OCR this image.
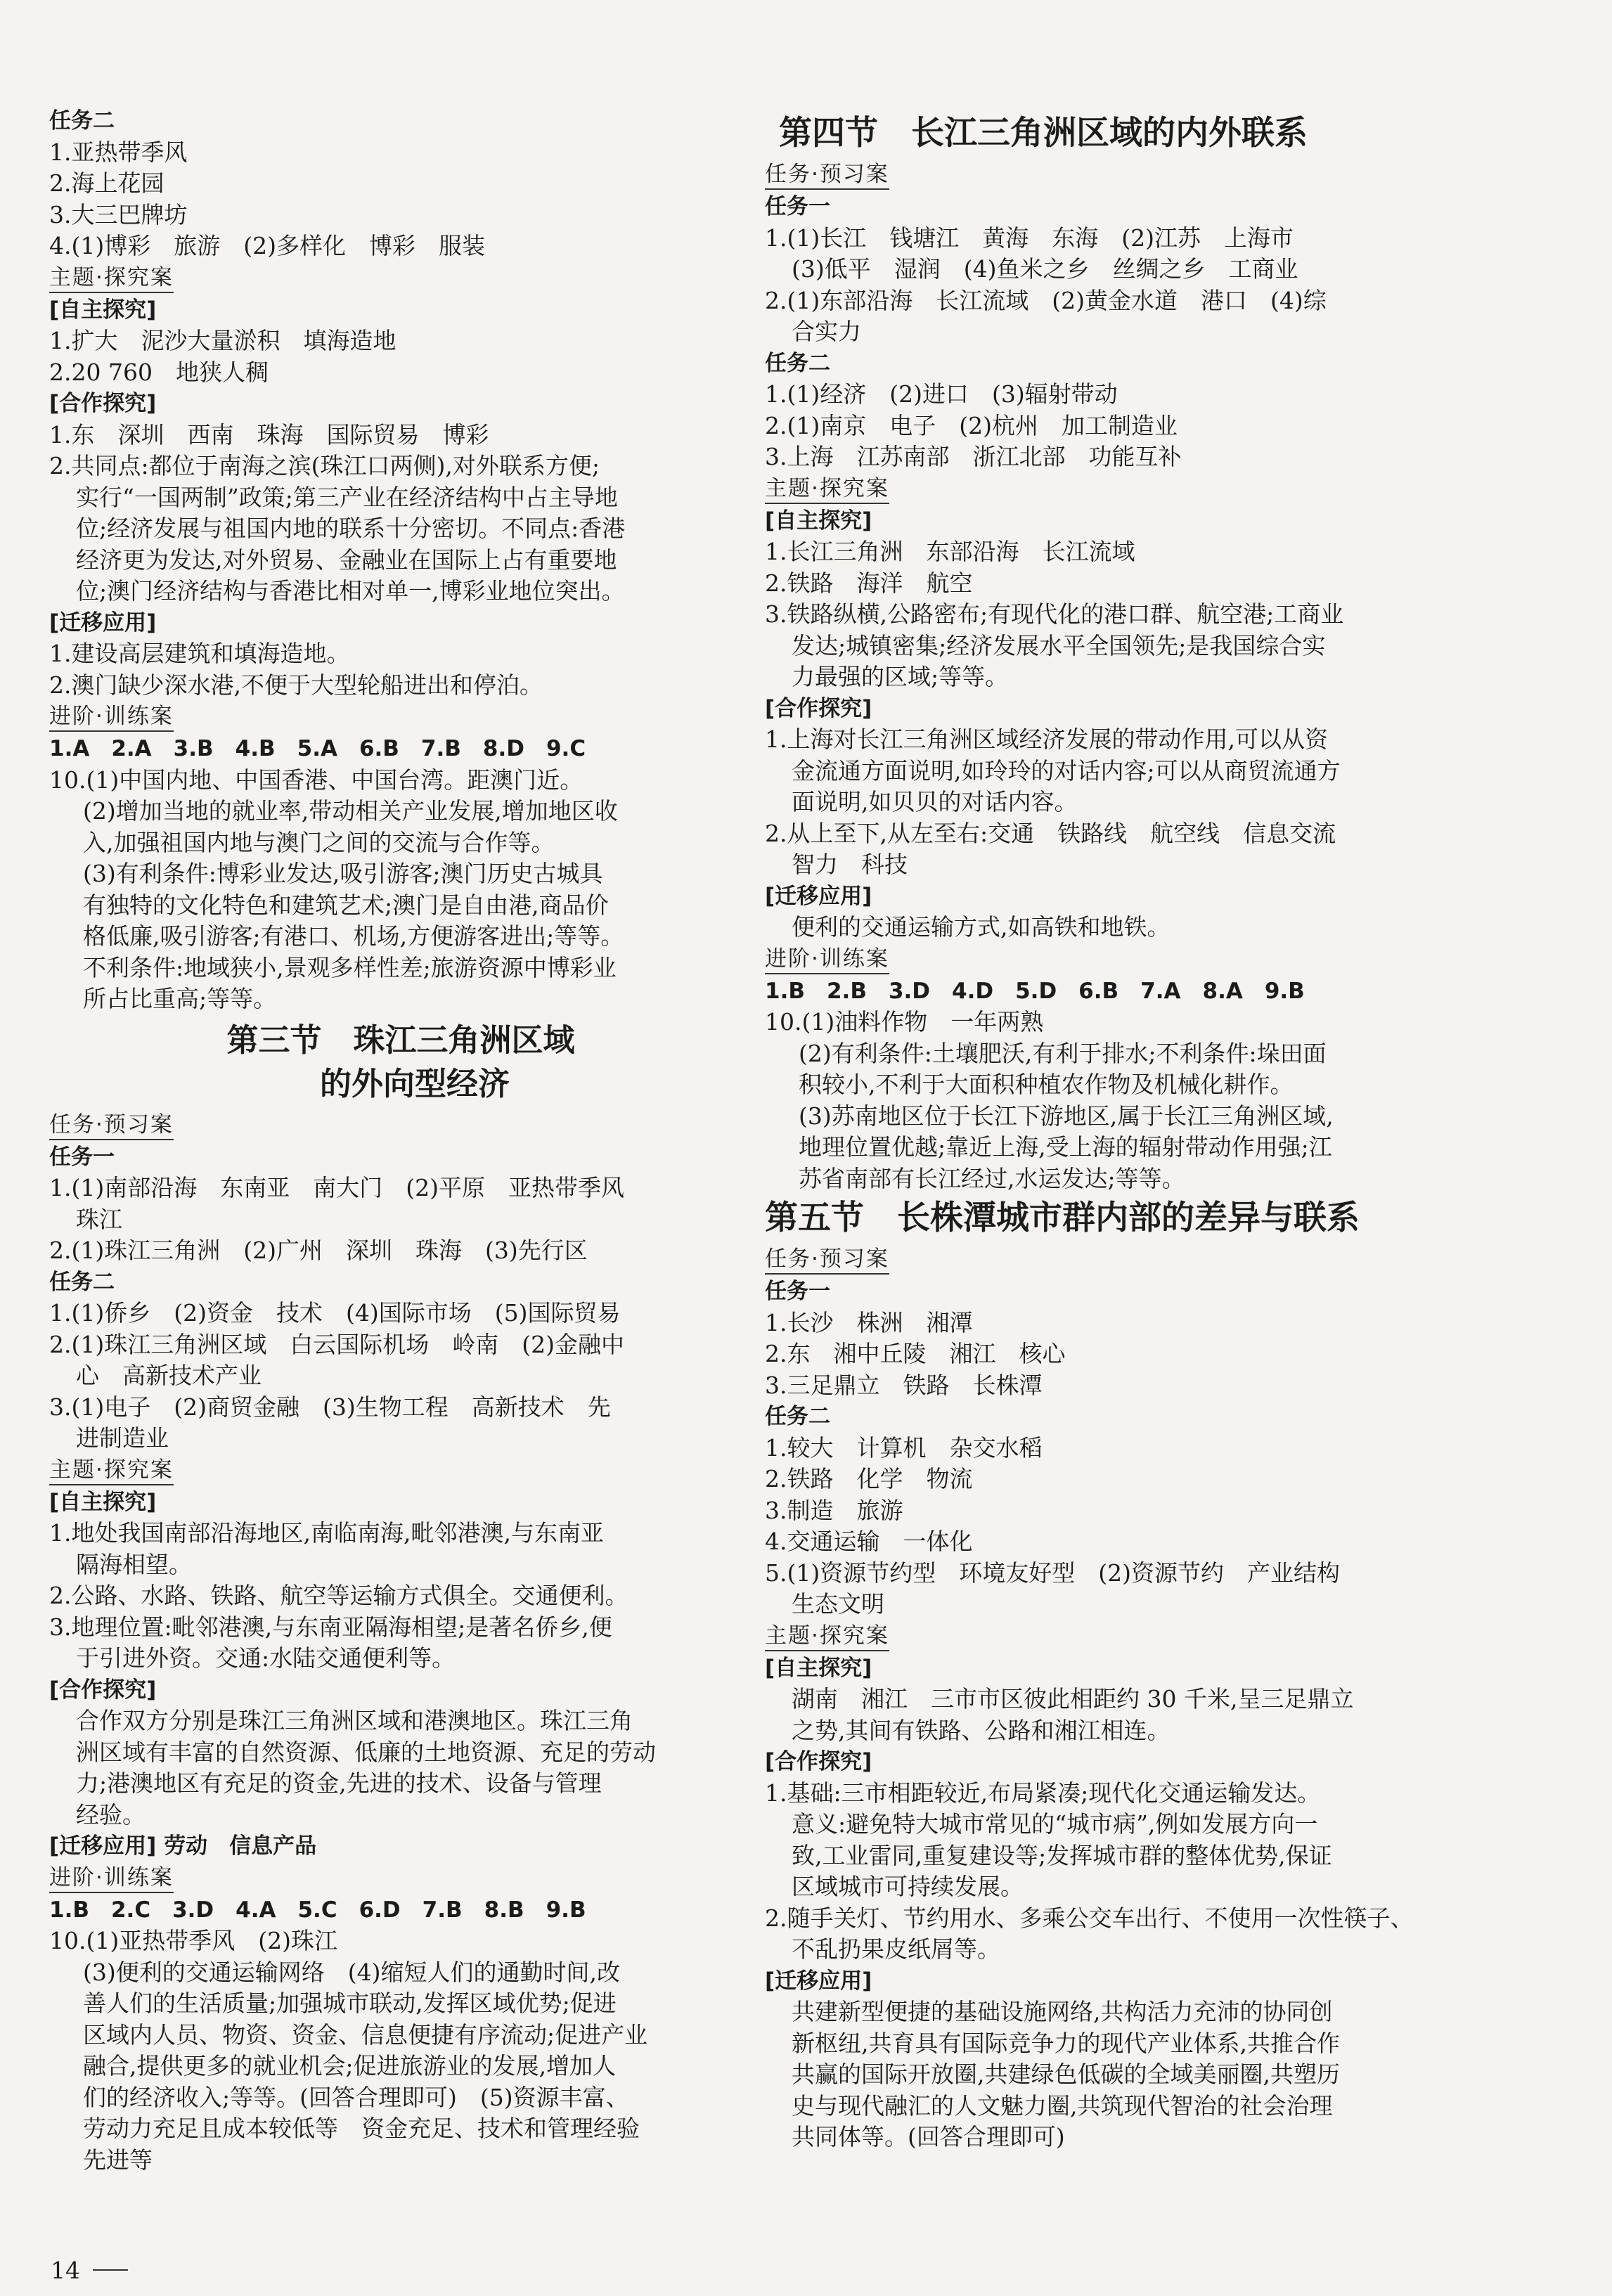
任务二
1.亚热带季风
2.海上花园
3.大三巴牌坊
4.(1)博彩　旅游　(2)多样化　博彩　服装
主题·探究案
[自主探究]
1.扩大　泥沙大量淤积　填海造地
2.20 760　地狭人稠
[合作探究]
1.东　深圳　西南　珠海　国际贸易　博彩
2.共同点:都位于南海之滨(珠江口两侧),对外联系方便;
实行“一国两制”政策;第三产业在经济结构中占主导地
位;经济发展与祖国内地的联系十分密切。不同点:香港
经济更为发达,对外贸易、金融业在国际上占有重要地
位;澳门经济结构与香港比相对单一,博彩业地位突出。
[迁移应用]
1.建设高层建筑和填海造地。
2.澳门缺少深水港,不便于大型轮船进出和停泊。
进阶·训练案
1.A　2.A　3.B　4.B　5.A　6.B　7.B　8.D　9.C
10.(1)中国内地、中国香港、中国台湾。距澳门近。
(2)增加当地的就业率,带动相关产业发展,增加地区收
入,加强祖国内地与澳门之间的交流与合作等。
(3)有利条件:博彩业发达,吸引游客;澳门历史古城具
有独特的文化特色和建筑艺术;澳门是自由港,商品价
格低廉,吸引游客;有港口、机场,方便游客进出;等等。
不利条件:地域狭小,景观多样性差;旅游资源中博彩业
所占比重高;等等。
第三节　珠江三角洲区域
的外向型经济
任务·预习案
任务一
1.(1)南部沿海　东南亚　南大门　(2)平原　亚热带季风
珠江
2.(1)珠江三角洲　(2)广州　深圳　珠海　(3)先行区
任务二
1.(1)侨乡　(2)资金　技术　(4)国际市场　(5)国际贸易
2.(1)珠江三角洲区域　白云国际机场　岭南　(2)金融中
心　高新技术产业
3.(1)电子　(2)商贸金融　(3)生物工程　高新技术　先
进制造业
主题·探究案
[自主探究]
1.地处我国南部沿海地区,南临南海,毗邻港澳,与东南亚
隔海相望。
2.公路、水路、铁路、航空等运输方式俱全。交通便利。
3.地理位置:毗邻港澳,与东南亚隔海相望;是著名侨乡,便
于引进外资。交通:水陆交通便利等。
[合作探究]
合作双方分别是珠江三角洲区域和港澳地区。珠江三角
洲区域有丰富的自然资源、低廉的土地资源、充足的劳动
力;港澳地区有充足的资金,先进的技术、设备与管理
经验。
[迁移应用] 劳动　信息产品
进阶·训练案
1.B　2.C　3.D　4.A　5.C　6.D　7.B　8.B　9.B
10.(1)亚热带季风　(2)珠江
(3)便利的交通运输网络　(4)缩短人们的通勤时间,改
善人们的生活质量;加强城市联动,发挥区域优势;促进
区域内人员、物资、资金、信息便捷有序流动;促进产业
融合,提供更多的就业机会;促进旅游业的发展,增加人
们的经济收入;等等。(回答合理即可)　(5)资源丰富、
劳动力充足且成本较低等　资金充足、技术和管理经验
先进等
第四节　长江三角洲区域的内外联系
任务·预习案
任务一
1.(1)长江　钱塘江　黄海　东海　(2)江苏　上海市
(3)低平　湿润　(4)鱼米之乡　丝绸之乡　工商业
2.(1)东部沿海　长江流域　(2)黄金水道　港口　(4)综
合实力
任务二
1.(1)经济　(2)进口　(3)辐射带动
2.(1)南京　电子　(2)杭州　加工制造业
3.上海　江苏南部　浙江北部　功能互补
主题·探究案
[自主探究]
1.长江三角洲　东部沿海　长江流域
2.铁路　海洋　航空
3.铁路纵横,公路密布;有现代化的港口群、航空港;工商业
发达;城镇密集;经济发展水平全国领先;是我国综合实
力最强的区域;等等。
[合作探究]
1.上海对长江三角洲区域经济发展的带动作用,可以从资
金流通方面说明,如玲玲的对话内容;可以从商贸流通方
面说明,如贝贝的对话内容。
2.从上至下,从左至右:交通　铁路线　航空线　信息交流
智力　科技
[迁移应用]
便利的交通运输方式,如高铁和地铁。
进阶·训练案
1.B　2.B　3.D　4.D　5.D　6.B　7.A　8.A　9.B
10.(1)油料作物　一年两熟
(2)有利条件:土壤肥沃,有利于排水;不利条件:垛田面
积较小,不利于大面积种植农作物及机械化耕作。
(3)苏南地区位于长江下游地区,属于长江三角洲区域,
地理位置优越;靠近上海,受上海的辐射带动作用强;江
苏省南部有长江经过,水运发达;等等。
第五节　长株潭城市群内部的差异与联系
任务·预习案
任务一
1.长沙　株洲　湘潭
2.东　湘中丘陵　湘江　核心
3.三足鼎立　铁路　长株潭
任务二
1.较大　计算机　杂交水稻
2.铁路　化学　物流
3.制造　旅游
4.交通运输　一体化
5.(1)资源节约型　环境友好型　(2)资源节约　产业结构
生态文明
主题·探究案
[自主探究]
湖南　湘江　三市市区彼此相距约 30 千米,呈三足鼎立
之势,其间有铁路、公路和湘江相连。
[合作探究]
1.基础:三市相距较近,布局紧凑;现代化交通运输发达。
意义:避免特大城市常见的“城市病”,例如发展方向一
致,工业雷同,重复建设等;发挥城市群的整体优势,保证
区域城市可持续发展。
2.随手关灯、节约用水、多乘公交车出行、不使用一次性筷子、
不乱扔果皮纸屑等。
[迁移应用]
共建新型便捷的基础设施网络,共构活力充沛的协同创
新枢纽,共育具有国际竞争力的现代产业体系,共推合作
共赢的国际开放圈,共建绿色低碳的全域美丽圈,共塑历
史与现代融汇的人文魅力圈,共筑现代智治的社会治理
共同体等。(回答合理即可)
14
